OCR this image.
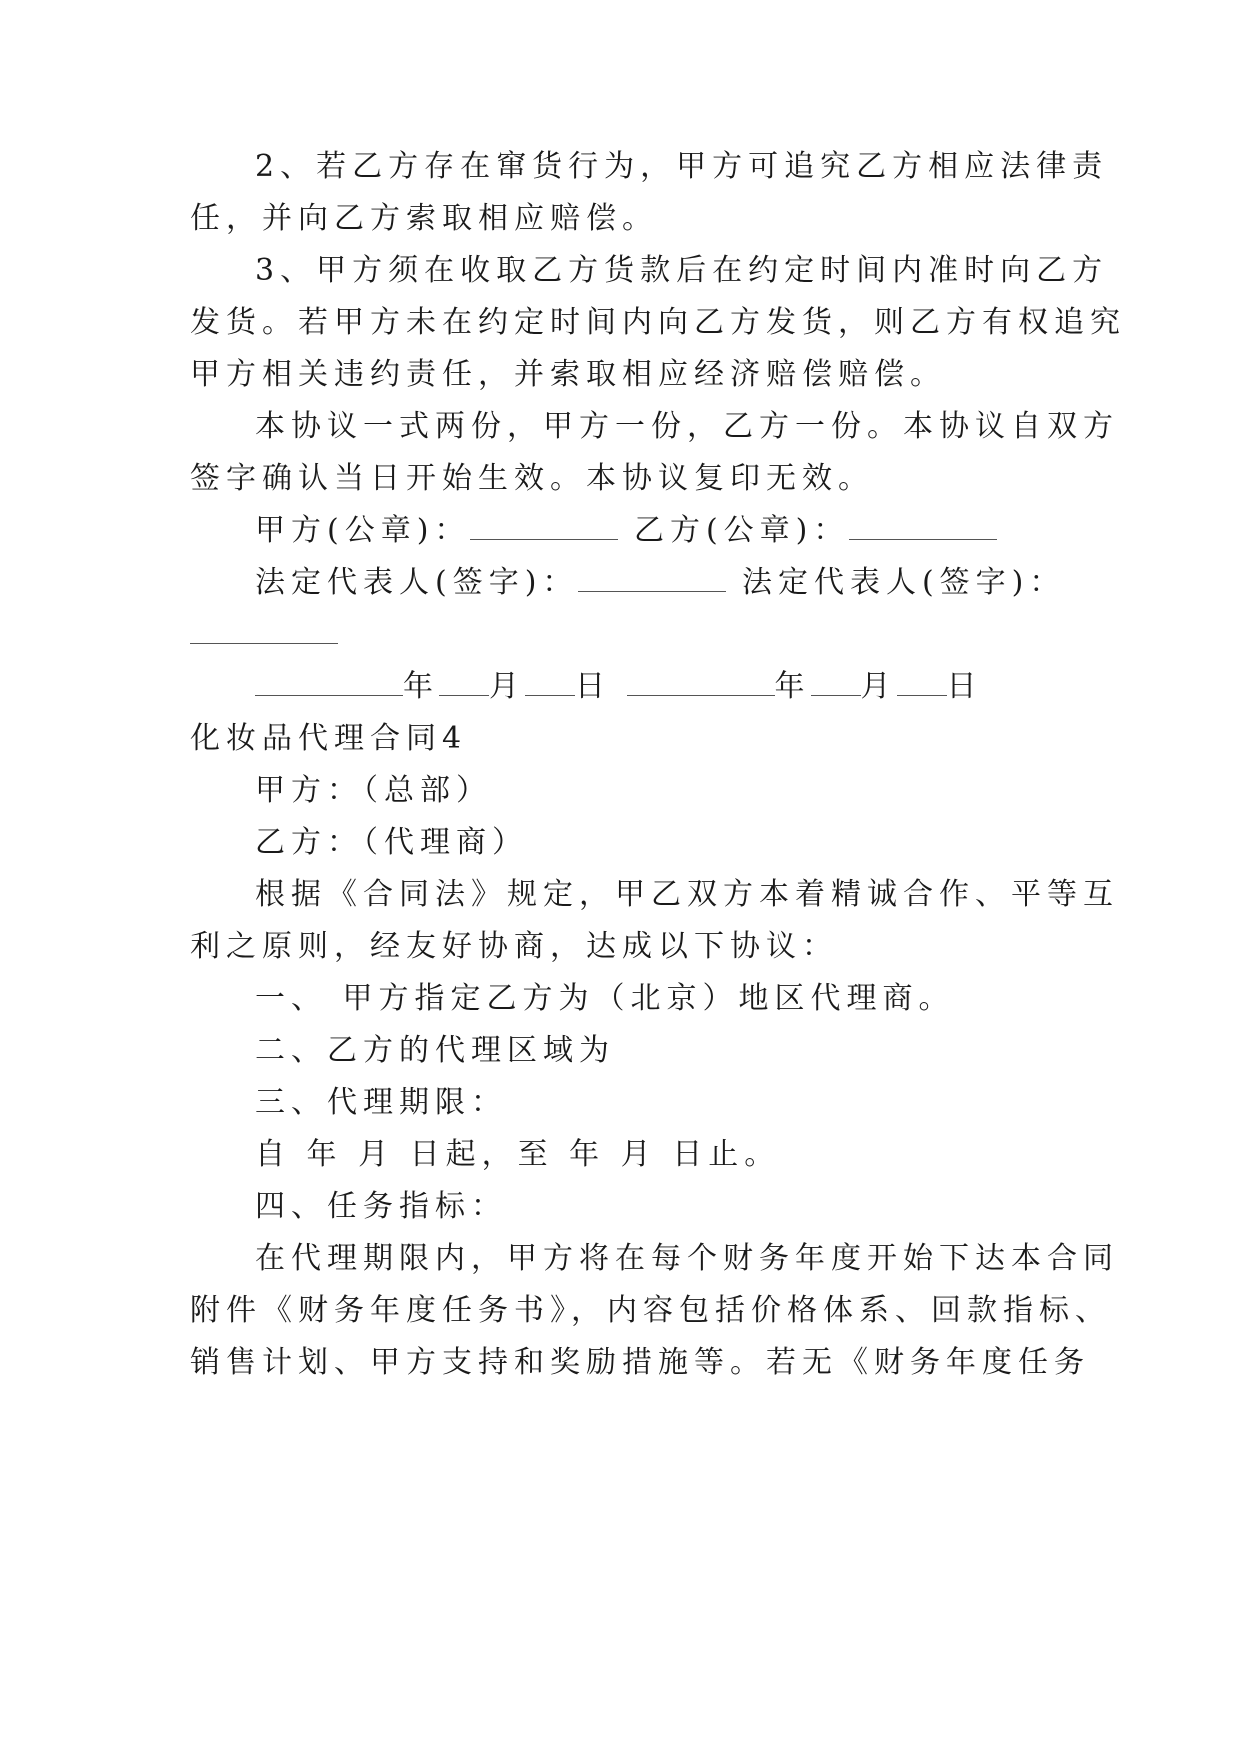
2、若乙方存在窜货行为，甲方可追究乙方相应法律责
任，并向乙方索取相应赔偿。
3、甲方须在收取乙方货款后在约定时间内准时向乙方
发货。若甲方未在约定时间内向乙方发货，则乙方有权追究
甲方相关违约责任，并索取相应经济赔偿赔偿。
本协议一式两份，甲方一份，乙方一份。本协议自双方
签字确认当日开始生效。本协议复印无效。
甲方(公章)：	乙方(公章)：
法定代表人(签字)：	法定代表人(签字)：
年 月 日	年 月 日
化妆品代理合同4
甲方：（总部）
乙方：（代理商）
根据《合同法》规定，甲乙双方本着精诚合作、平等互
利之原则，经友好协商，达成以下协议：
一、 甲方指定乙方为（北京）地区代理商。
二、乙方的代理区域为
三、代理期限：
自 年 月 日起，至 年 月 日止。
四、任务指标：
在代理期限内，甲方将在每个财务年度开始下达本合同
附件《财务年度任务书》，内容包括价格体系、回款指标、
销售计划、甲方支持和奖励措施等。若无《财务年度任务
